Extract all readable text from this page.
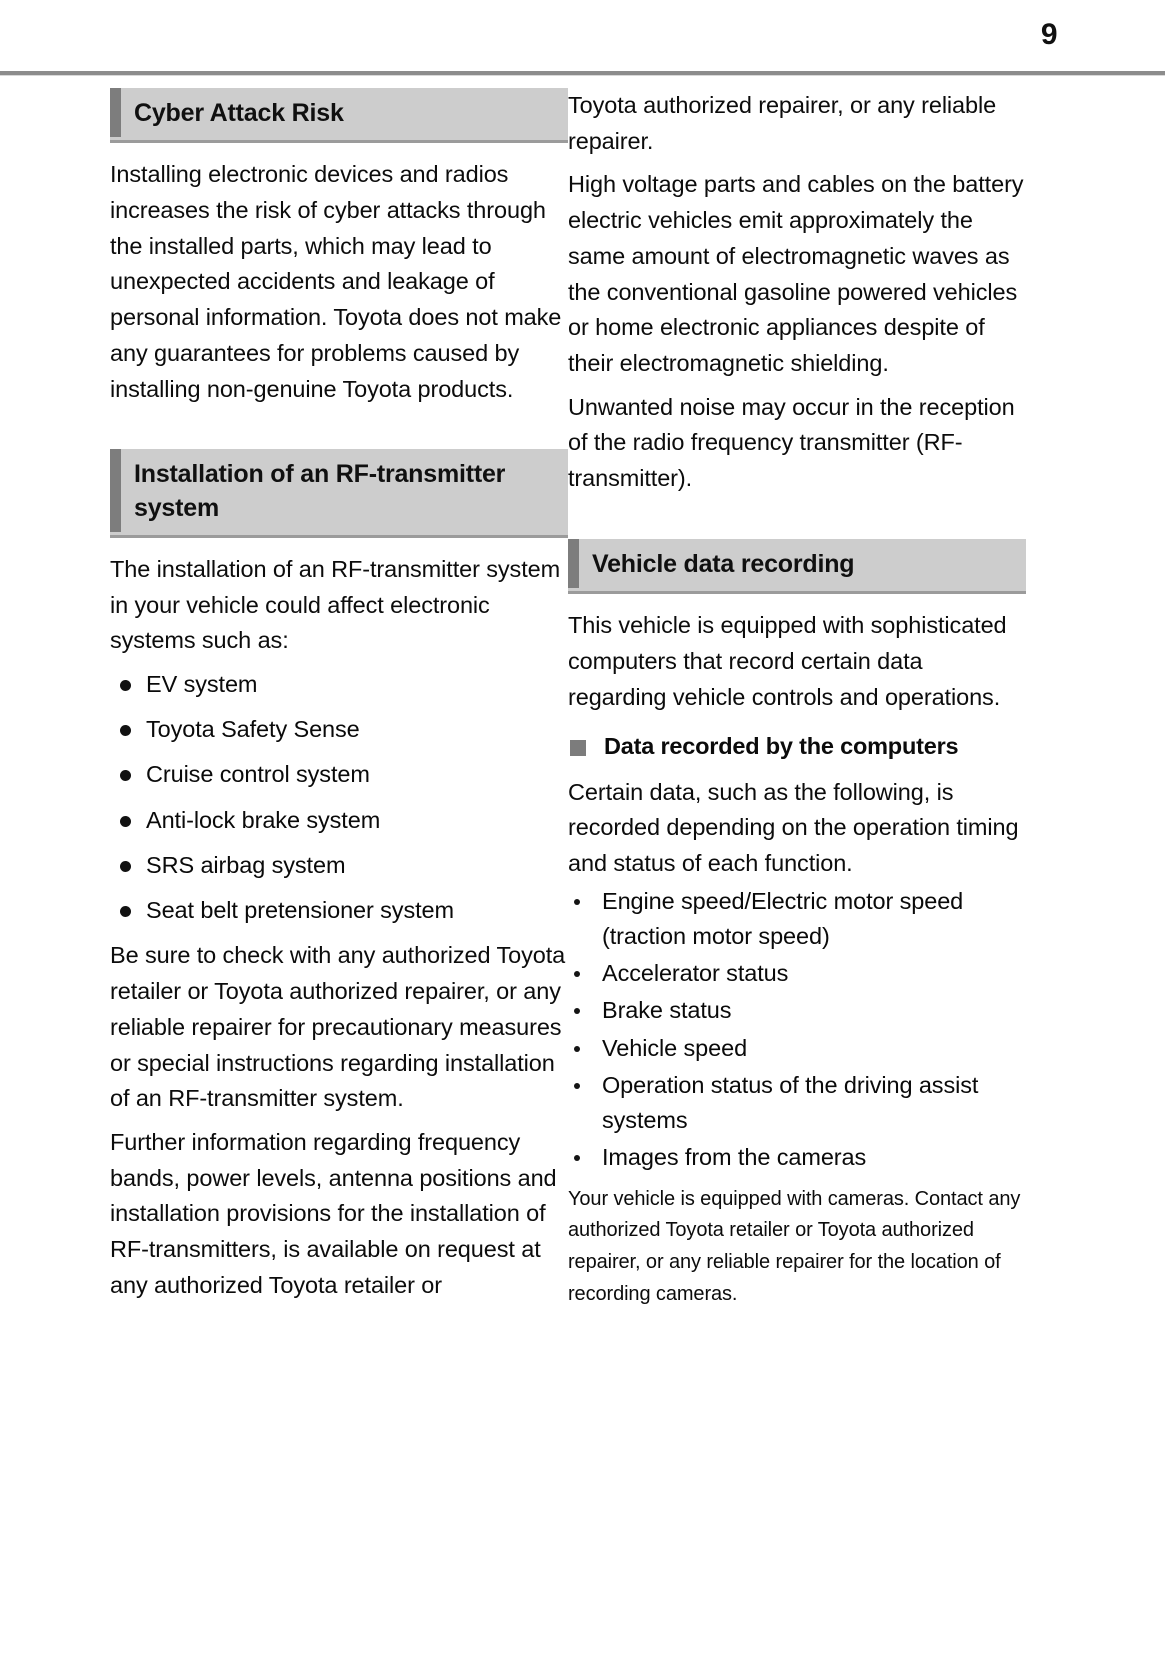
9
Cyber Attack Risk

Installing electronic devices and radios increases the risk of cyber attacks through the installed parts, which may lead to unexpected accidents and leakage of personal information. Toyota does not make any guarantees for problems caused by installing non-genuine Toyota products.

Installation of an RF-transmitter system

The installation of an RF-transmitter system in your vehicle could affect electronic systems such as:

EV system
Toyota Safety Sense
Cruise control system
Anti-lock brake system
SRS airbag system
Seat belt pretensioner system

Be sure to check with any authorized Toyota retailer or Toyota authorized repairer, or any reliable repairer for precautionary measures or special instructions regarding installation of an RF-transmitter system.

Further information regarding frequency bands, power levels, antenna positions and installation provisions for the installation of RF-transmitters, is available on request at any authorized Toyota retailer or

Toyota authorized repairer, or any reliable repairer.

High voltage parts and cables on the battery electric vehicles emit approximately the same amount of electromagnetic waves as the conventional gasoline powered vehicles or home electronic appliances despite of their electromagnetic shielding.

Unwanted noise may occur in the reception of the radio frequency transmitter (RF-transmitter).

Vehicle data recording

This vehicle is equipped with sophisticated computers that record certain data regarding vehicle controls and operations.

Data recorded by the computers

Certain data, such as the following, is recorded depending on the operation timing and status of each function.

Engine speed/Electric motor speed (traction motor speed)
Accelerator status
Brake status
Vehicle speed
Operation status of the driving assist systems
Images from the cameras

Your vehicle is equipped with cameras. Contact any authorized Toyota retailer or Toyota authorized repairer, or any reliable repairer for the location of recording cameras.
